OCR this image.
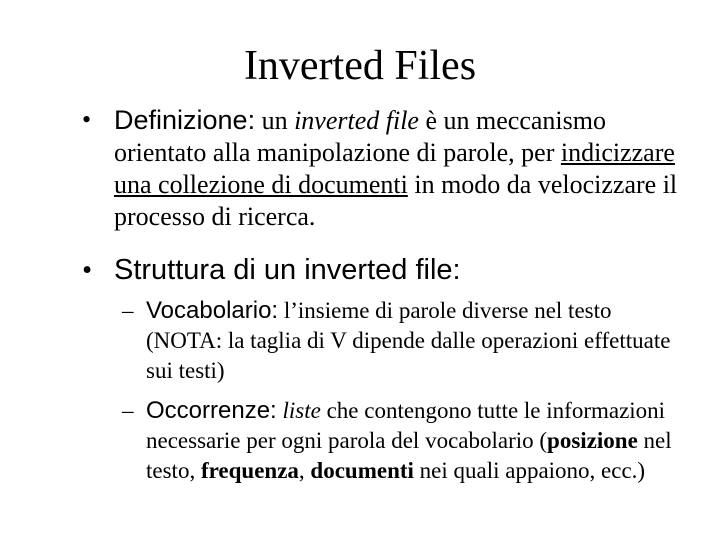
Inverted Files
• Definizione: un inverted file è un meccanismo orientato alla manipolazione di parole, per indicizzare una collezione di documenti in modo da velocizzare il processo di ricerca.
• Struttura di un inverted file:
– Vocabolario: l’insieme di parole diverse nel testo (NOTA: la taglia di V dipende dalle operazioni effettuate sui testi)
– Occorrenze: liste che contengono tutte le informazioni necessarie per ogni parola del vocabolario (posizione nel testo, frequenza, documenti nei quali appaiono, ecc.)
